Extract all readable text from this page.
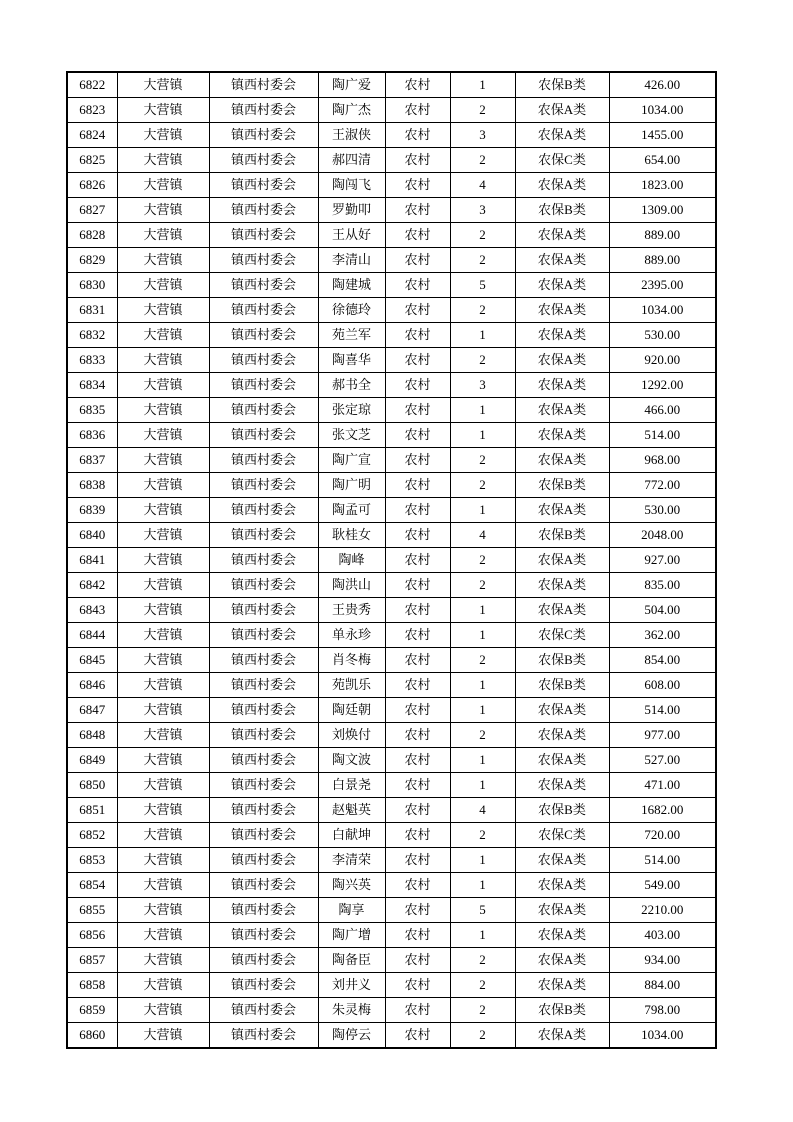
6822	大营镇	镇西村委会	陶广爱	农村	1	农保B类	426.00
6823	大营镇	镇西村委会	陶广杰	农村	2	农保A类	1034.00
6824	大营镇	镇西村委会	王淑侠	农村	3	农保A类	1455.00
6825	大营镇	镇西村委会	郝四清	农村	2	农保C类	654.00
6826	大营镇	镇西村委会	陶闯飞	农村	4	农保A类	1823.00
6827	大营镇	镇西村委会	罗勤叩	农村	3	农保B类	1309.00
6828	大营镇	镇西村委会	王从好	农村	2	农保A类	889.00
6829	大营镇	镇西村委会	李清山	农村	2	农保A类	889.00
6830	大营镇	镇西村委会	陶建城	农村	5	农保A类	2395.00
6831	大营镇	镇西村委会	徐德玲	农村	2	农保A类	1034.00
6832	大营镇	镇西村委会	苑兰军	农村	1	农保A类	530.00
6833	大营镇	镇西村委会	陶喜华	农村	2	农保A类	920.00
6834	大营镇	镇西村委会	郝书全	农村	3	农保A类	1292.00
6835	大营镇	镇西村委会	张定琼	农村	1	农保A类	466.00
6836	大营镇	镇西村委会	张文芝	农村	1	农保A类	514.00
6837	大营镇	镇西村委会	陶广宣	农村	2	农保A类	968.00
6838	大营镇	镇西村委会	陶广明	农村	2	农保B类	772.00
6839	大营镇	镇西村委会	陶孟可	农村	1	农保A类	530.00
6840	大营镇	镇西村委会	耿桂女	农村	4	农保B类	2048.00
6841	大营镇	镇西村委会	陶峰	农村	2	农保A类	927.00
6842	大营镇	镇西村委会	陶洪山	农村	2	农保A类	835.00
6843	大营镇	镇西村委会	王贵秀	农村	1	农保A类	504.00
6844	大营镇	镇西村委会	单永珍	农村	1	农保C类	362.00
6845	大营镇	镇西村委会	肖冬梅	农村	2	农保B类	854.00
6846	大营镇	镇西村委会	苑凯乐	农村	1	农保B类	608.00
6847	大营镇	镇西村委会	陶廷朝	农村	1	农保A类	514.00
6848	大营镇	镇西村委会	刘焕付	农村	2	农保A类	977.00
6849	大营镇	镇西村委会	陶文波	农村	1	农保A类	527.00
6850	大营镇	镇西村委会	白景尧	农村	1	农保A类	471.00
6851	大营镇	镇西村委会	赵魁英	农村	4	农保B类	1682.00
6852	大营镇	镇西村委会	白献坤	农村	2	农保C类	720.00
6853	大营镇	镇西村委会	李清荣	农村	1	农保A类	514.00
6854	大营镇	镇西村委会	陶兴英	农村	1	农保A类	549.00
6855	大营镇	镇西村委会	陶享	农村	5	农保A类	2210.00
6856	大营镇	镇西村委会	陶广增	农村	1	农保A类	403.00
6857	大营镇	镇西村委会	陶备臣	农村	2	农保A类	934.00
6858	大营镇	镇西村委会	刘井义	农村	2	农保A类	884.00
6859	大营镇	镇西村委会	朱灵梅	农村	2	农保B类	798.00
6860	大营镇	镇西村委会	陶停云	农村	2	农保A类	1034.00
